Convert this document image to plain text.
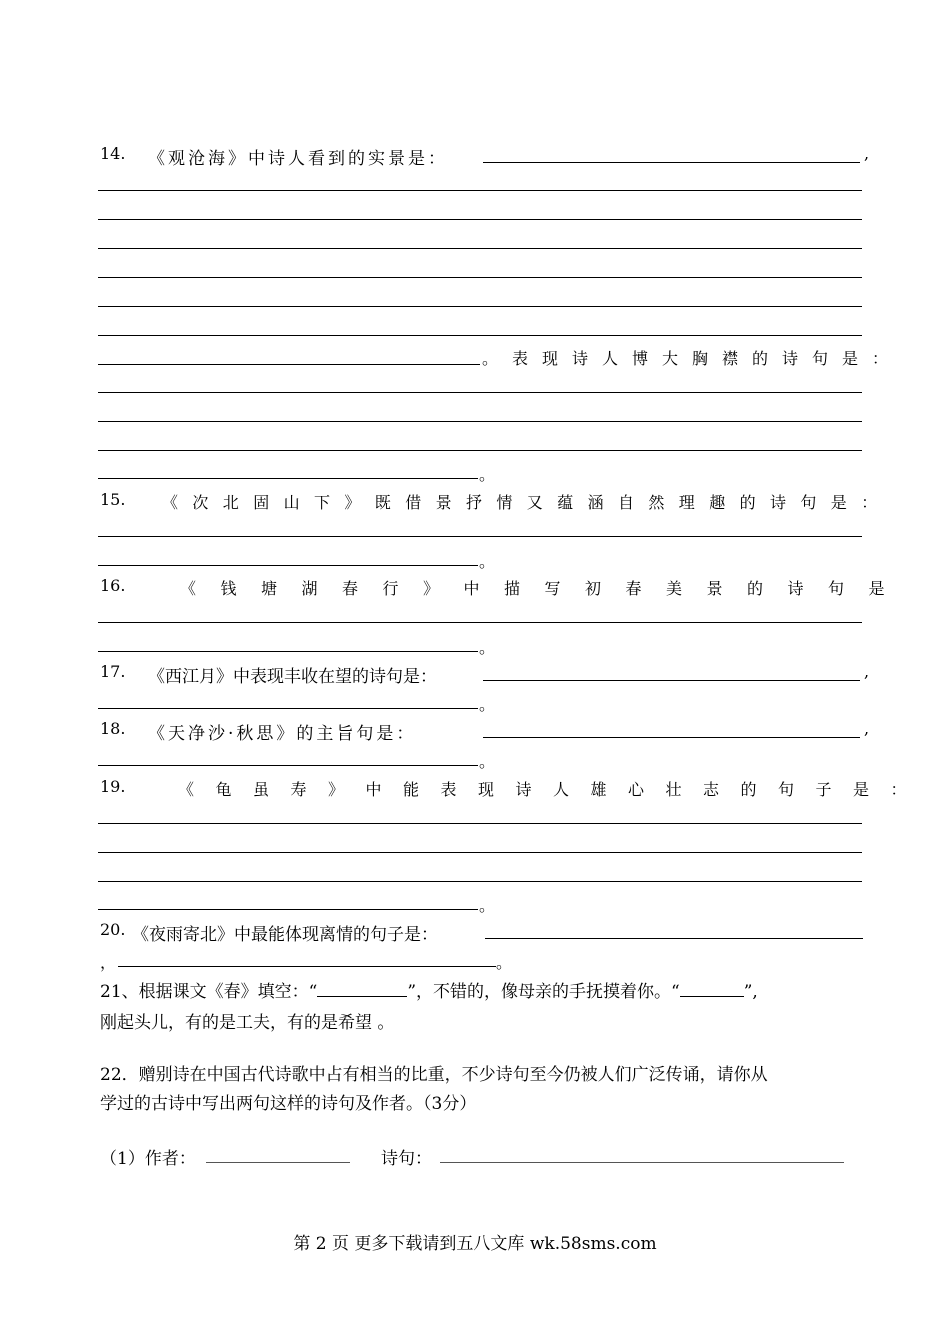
14. 《观沧海》中诗人看到的实景是：	,
。表现诗人博大胸襟的诗句是：
。
15. 《次北固山下》既借景抒情又蕴涵自然理趣的诗句是：
。
16.	《钱塘湖春行》中描写初春美景的诗句是
。
17. 《西江月》中表现丰收在望的诗句是：	,
。
18. 《天净沙·秋思》的主旨句是：	,
。
19.	《龟虽寿》中能表现诗人雄心壮志的句子是：
。
20. 《夜雨寄北》中最能体现离情的句子是：
，	。
21、根据课文《春》填空：“	”，不错的，像母亲的手抚摸着你。“	”,
刚起头儿，有的是工夫，有的是希望 。
22．赠别诗在中国古代诗歌中占有相当的比重，不少诗句至今仍被人们广泛传诵，请你从
学过的古诗中写出两句这样的诗句及作者。（3分）
（1）作者：	诗句：
第 2 页 更多下载请到五八文库 wk.58sms.com
